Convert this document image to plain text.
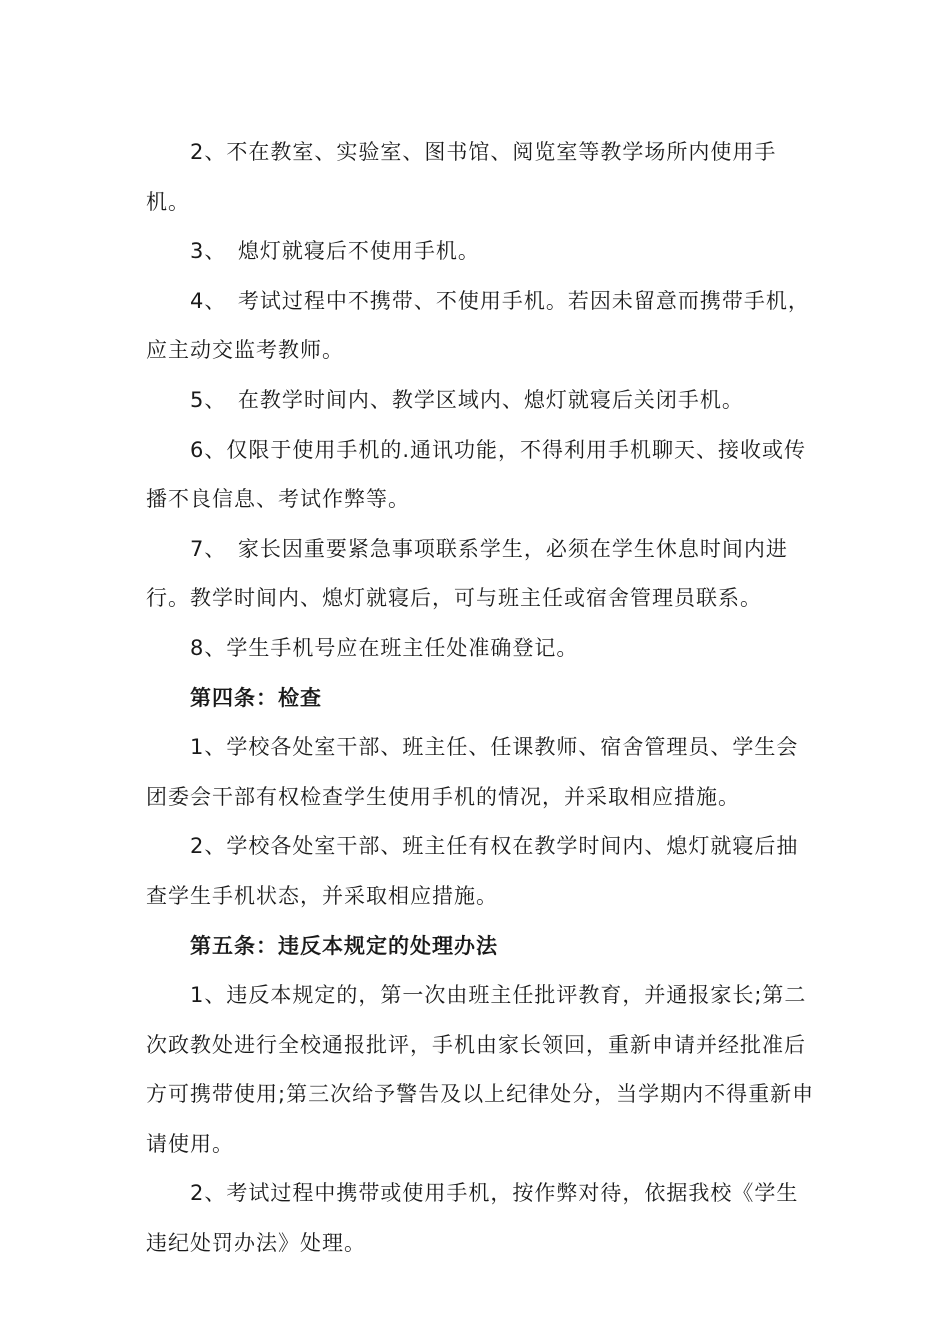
2、不在教室、实验室、图书馆、阅览室等教学场所内使用手机。

3、　熄灯就寝后不使用手机。

4、　考试过程中不携带、不使用手机。若因未留意而携带手机，应主动交监考教师。

5、　在教学时间内、教学区域内、熄灯就寝后关闭手机。

6、仅限于使用手机的.通讯功能，不得利用手机聊天、接收或传播不良信息、考试作弊等。

7、　家长因重要紧急事项联系学生，必须在学生休息时间内进行。教学时间内、熄灯就寝后，可与班主任或宿舍管理员联系。

8、学生手机号应在班主任处准确登记。

第四条：检查

1、学校各处室干部、班主任、任课教师、宿舍管理员、学生会团委会干部有权检查学生使用手机的情况，并采取相应措施。

2、学校各处室干部、班主任有权在教学时间内、熄灯就寝后抽查学生手机状态，并采取相应措施。

第五条：违反本规定的处理办法

1、违反本规定的，第一次由班主任批评教育，并通报家长;第二次政教处进行全校通报批评，手机由家长领回，重新申请并经批准后方可携带使用;第三次给予警告及以上纪律处分，当学期内不得重新申请使用。

2、考试过程中携带或使用手机，按作弊对待，依据我校《学生违纪处罚办法》处理。
